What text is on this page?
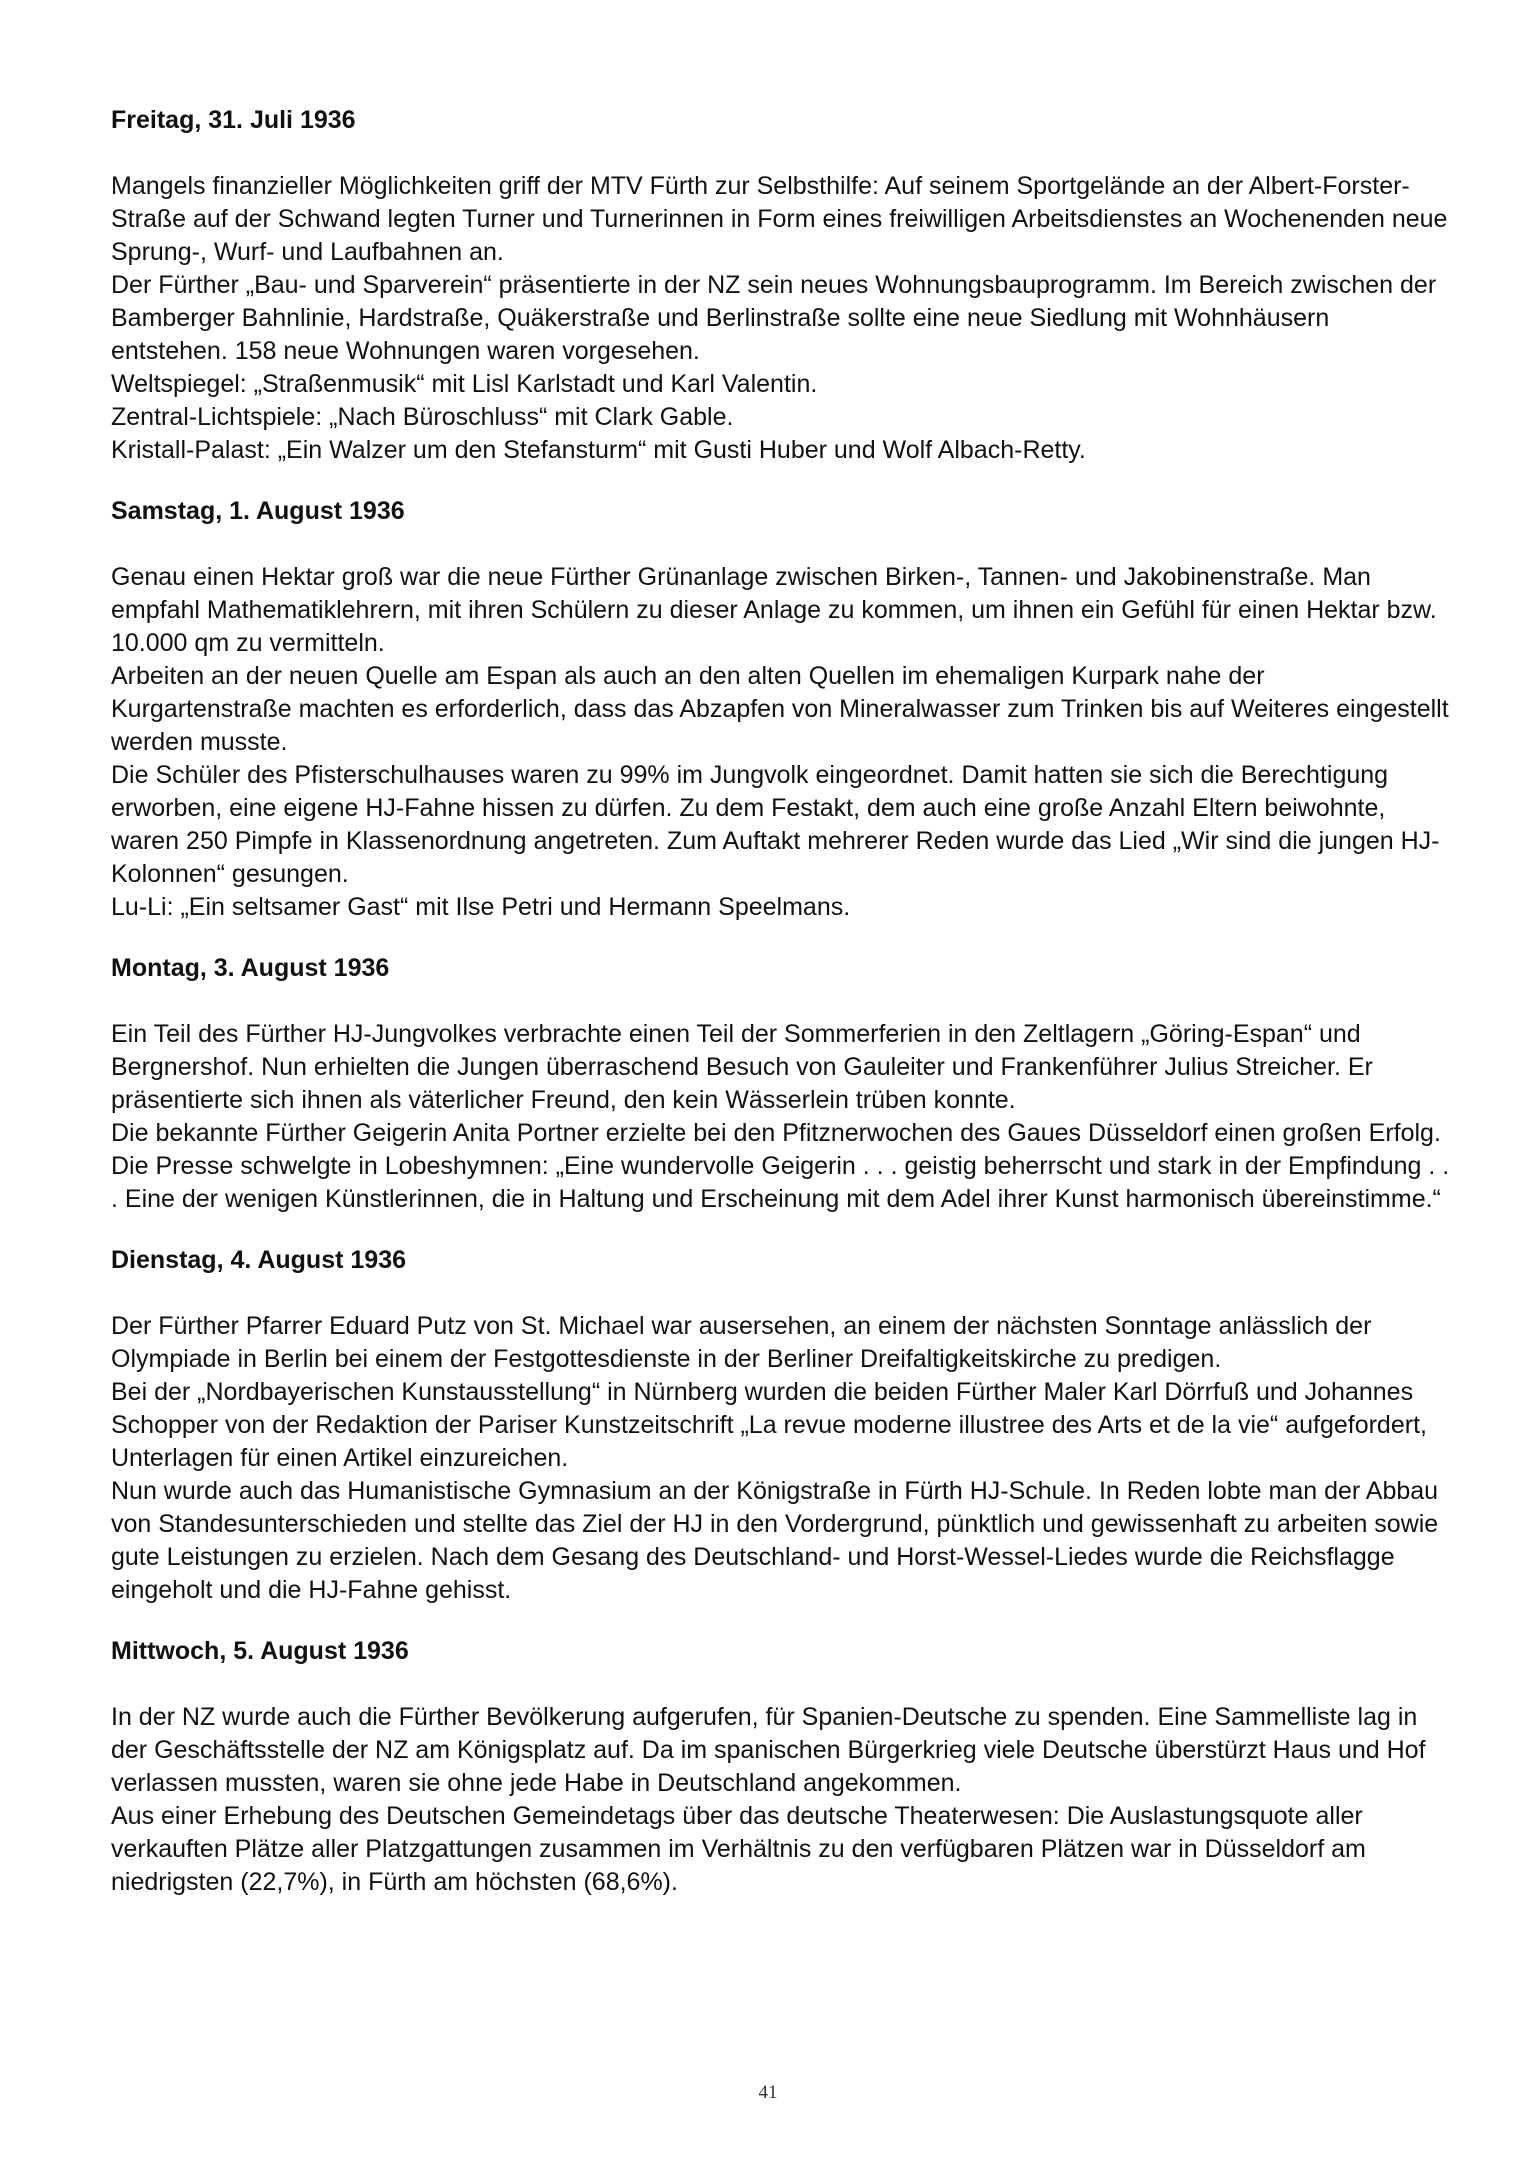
Freitag, 31. Juli 1936

Mangels finanzieller Möglichkeiten griff der MTV Fürth zur Selbsthilfe: Auf seinem Sportgelände an der Albert-Forster-Straße auf der Schwand legten Turner und Turnerinnen in Form eines freiwilligen Arbeitsdienstes an Wochenenden neue Sprung-, Wurf- und Laufbahnen an.

Der Fürther „Bau- und Sparverein“ präsentierte in der NZ sein neues Wohnungsbauprogramm. Im Bereich zwischen der Bamberger Bahnlinie, Hardstraße, Quäkerstraße und Berlinstraße sollte eine neue Siedlung mit Wohnhäusern entstehen. 158 neue Wohnungen waren vorgesehen.

Weltspiegel: „Straßenmusik“ mit Lisl Karlstadt und Karl Valentin.

Zentral-Lichtspiele: „Nach Büroschluss“ mit Clark Gable.

Kristall-Palast: „Ein Walzer um den Stefansturm“ mit Gusti Huber und Wolf Albach-Retty.

Samstag, 1. August 1936

Genau einen Hektar groß war die neue Fürther Grünanlage zwischen Birken-, Tannen- und Jakobinenstraße. Man empfahl Mathematiklehrern, mit ihren Schülern zu dieser Anlage zu kommen, um ihnen ein Gefühl für einen Hektar bzw. 10.000 qm zu vermitteln.

Arbeiten an der neuen Quelle am Espan als auch an den alten Quellen im ehemaligen Kurpark nahe der Kurgartenstraße machten es erforderlich, dass das Abzapfen von Mineralwasser zum Trinken bis auf Weiteres eingestellt werden musste.

Die Schüler des Pfisterschulhauses waren zu 99% im Jungvolk eingeordnet. Damit hatten sie sich die Berechtigung erworben, eine eigene HJ-Fahne hissen zu dürfen. Zu dem Festakt, dem auch eine große Anzahl Eltern beiwohnte, waren 250 Pimpfe in Klassenordnung angetreten. Zum Auftakt mehrerer Reden wurde das Lied „Wir sind die jungen HJ-Kolonnen“ gesungen.

Lu-Li: „Ein seltsamer Gast“ mit Ilse Petri und Hermann Speelmans.

Montag, 3. August 1936

Ein Teil des Fürther HJ-Jungvolkes verbrachte einen Teil der Sommerferien in den Zeltlagern „Göring-Espan“ und Bergnershof. Nun erhielten die Jungen überraschend Besuch von Gauleiter und Frankenführer Julius Streicher. Er präsentierte sich ihnen als väterlicher Freund, den kein Wässerlein trüben konnte.

Die bekannte Fürther Geigerin Anita Portner erzielte bei den Pfitznerwochen des Gaues Düsseldorf einen großen Erfolg. Die Presse schwelgte in Lobeshymnen: „Eine wundervolle Geigerin . . . geistig beherrscht und stark in der Empfindung . . . Eine der wenigen Künstlerinnen, die in Haltung und Erscheinung mit dem Adel ihrer Kunst harmonisch übereinstimme.“

Dienstag, 4. August 1936

Der Fürther Pfarrer Eduard Putz von St. Michael war ausersehen, an einem der nächsten Sonntage anlässlich der Olympiade in Berlin bei einem der Festgottesdienste in der Berliner Dreifaltigkeitskirche zu predigen.

Bei der „Nordbayerischen Kunstausstellung“ in Nürnberg wurden die beiden Fürther Maler Karl Dörrfuß und Johannes Schopper von der Redaktion der Pariser Kunstzeitschrift „La revue moderne illustree des Arts et de la vie“ aufgefordert, Unterlagen für einen Artikel einzureichen.

Nun wurde auch das Humanistische Gymnasium an der Königstraße in Fürth HJ-Schule. In Reden lobte man der Abbau von Standesunterschieden und stellte das Ziel der HJ in den Vordergrund, pünktlich und gewissenhaft zu arbeiten sowie gute Leistungen zu erzielen. Nach dem Gesang des Deutschland- und Horst-Wessel-Liedes wurde die Reichsflagge eingeholt und die HJ-Fahne gehisst.

Mittwoch, 5. August 1936

In der NZ wurde auch die Fürther Bevölkerung aufgerufen, für Spanien-Deutsche zu spenden. Eine Sammelliste lag in der Geschäftsstelle der NZ am Königsplatz auf. Da im spanischen Bürgerkrieg viele Deutsche überstürzt Haus und Hof verlassen mussten, waren sie ohne jede Habe in Deutschland angekommen.

Aus einer Erhebung des Deutschen Gemeindetags über das deutsche Theaterwesen: Die Auslastungsquote aller verkauften Plätze aller Platzgattungen zusammen im Verhältnis zu den verfügbaren Plätzen war in Düsseldorf am niedrigsten (22,7%), in Fürth am höchsten (68,6%).

41
